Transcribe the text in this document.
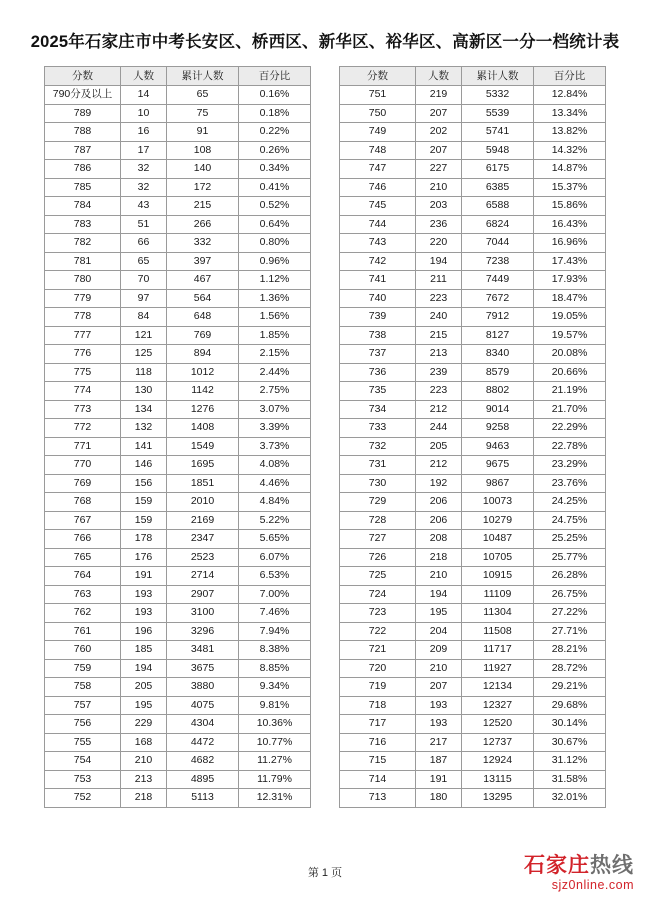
2025年石家庄市中考长安区、桥西区、新华区、裕华区、高新区一分一档统计表
分数	人数	累计人数	百分比
790分及以上	14	65	0.16%
789	10	75	0.18%
788	16	91	0.22%
787	17	108	0.26%
786	32	140	0.34%
785	32	172	0.41%
784	43	215	0.52%
783	51	266	0.64%
782	66	332	0.80%
781	65	397	0.96%
780	70	467	1.12%
779	97	564	1.36%
778	84	648	1.56%
777	121	769	1.85%
776	125	894	2.15%
775	118	1012	2.44%
774	130	1142	2.75%
773	134	1276	3.07%
772	132	1408	3.39%
771	141	1549	3.73%
770	146	1695	4.08%
769	156	1851	4.46%
768	159	2010	4.84%
767	159	2169	5.22%
766	178	2347	5.65%
765	176	2523	6.07%
764	191	2714	6.53%
763	193	2907	7.00%
762	193	3100	7.46%
761	196	3296	7.94%
760	185	3481	8.38%
759	194	3675	8.85%
758	205	3880	9.34%
757	195	4075	9.81%
756	229	4304	10.36%
755	168	4472	10.77%
754	210	4682	11.27%
753	213	4895	11.79%
752	218	5113	12.31%
分数	人数	累计人数	百分比
751	219	5332	12.84%
750	207	5539	13.34%
749	202	5741	13.82%
748	207	5948	14.32%
747	227	6175	14.87%
746	210	6385	15.37%
745	203	6588	15.86%
744	236	6824	16.43%
743	220	7044	16.96%
742	194	7238	17.43%
741	211	7449	17.93%
740	223	7672	18.47%
739	240	7912	19.05%
738	215	8127	19.57%
737	213	8340	20.08%
736	239	8579	20.66%
735	223	8802	21.19%
734	212	9014	21.70%
733	244	9258	22.29%
732	205	9463	22.78%
731	212	9675	23.29%
730	192	9867	23.76%
729	206	10073	24.25%
728	206	10279	24.75%
727	208	10487	25.25%
726	218	10705	25.77%
725	210	10915	26.28%
724	194	11109	26.75%
723	195	11304	27.22%
722	204	11508	27.71%
721	209	11717	28.21%
720	210	11927	28.72%
719	207	12134	29.21%
718	193	12327	29.68%
717	193	12520	30.14%
716	217	12737	30.67%
715	187	12924	31.12%
714	191	13115	31.58%
713	180	13295	32.01%
第 1 页	石家庄热线
sjz0nline.com
